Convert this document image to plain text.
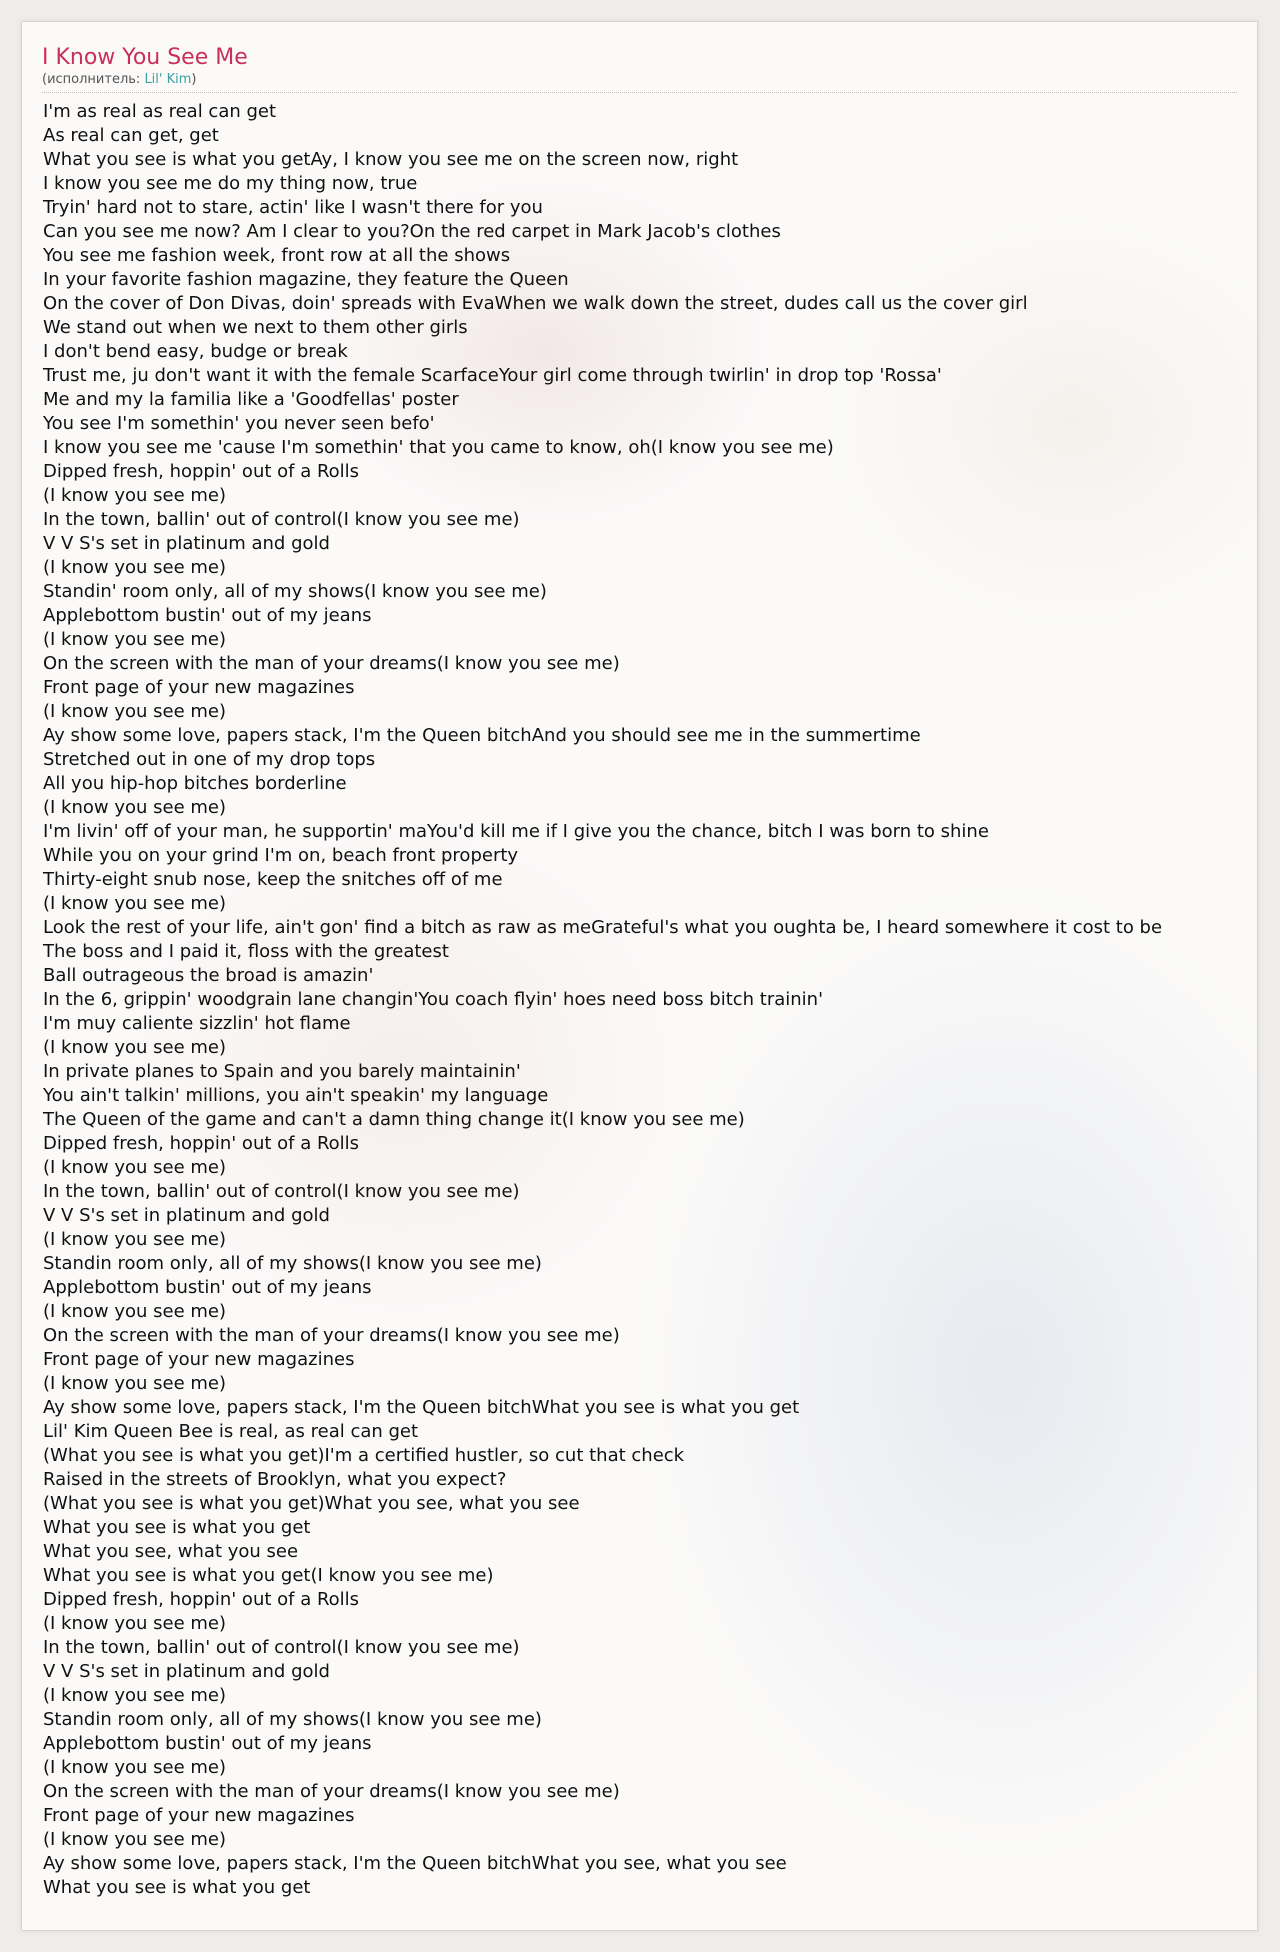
I Know You See Me
(исполнитель: Lil' Kim)
I'm as real as real can get
As real can get, get
What you see is what you getAy, I know you see me on the screen now, right
I know you see me do my thing now, true
Tryin' hard not to stare, actin' like I wasn't there for you
Can you see me now? Am I clear to you?On the red carpet in Mark Jacob's clothes
You see me fashion week, front row at all the shows
In your favorite fashion magazine, they feature the Queen
On the cover of Don Divas, doin' spreads with EvaWhen we walk down the street, dudes call us the cover girl
We stand out when we next to them other girls
I don't bend easy, budge or break
Trust me, ju don't want it with the female ScarfaceYour girl come through twirlin' in drop top 'Rossa'
Me and my la familia like a 'Goodfellas' poster
You see I'm somethin' you never seen befo'
I know you see me 'cause I'm somethin' that you came to know, oh(I know you see me)
Dipped fresh, hoppin' out of a Rolls
(I know you see me)
In the town, ballin' out of control(I know you see me)
V V S's set in platinum and gold
(I know you see me)
Standin' room only, all of my shows(I know you see me)
Applebottom bustin' out of my jeans
(I know you see me)
On the screen with the man of your dreams(I know you see me)
Front page of your new magazines
(I know you see me)
Ay show some love, papers stack, I'm the Queen bitchAnd you should see me in the summertime
Stretched out in one of my drop tops
All you hip-hop bitches borderline
(I know you see me)
I'm livin' off of your man, he supportin' maYou'd kill me if I give you the chance, bitch I was born to shine
While you on your grind I'm on, beach front property
Thirty-eight snub nose, keep the snitches off of me
(I know you see me)
Look the rest of your life, ain't gon' find a bitch as raw as meGrateful's what you oughta be, I heard somewhere it cost to be
The boss and I paid it, floss with the greatest
Ball outrageous the broad is amazin'
In the 6, grippin' woodgrain lane changin'You coach flyin' hoes need boss bitch trainin'
I'm muy caliente sizzlin' hot flame
(I know you see me)
In private planes to Spain and you barely maintainin'
You ain't talkin' millions, you ain't speakin' my language
The Queen of the game and can't a damn thing change it(I know you see me)
Dipped fresh, hoppin' out of a Rolls
(I know you see me)
In the town, ballin' out of control(I know you see me)
V V S's set in platinum and gold
(I know you see me)
Standin room only, all of my shows(I know you see me)
Applebottom bustin' out of my jeans
(I know you see me)
On the screen with the man of your dreams(I know you see me)
Front page of your new magazines
(I know you see me)
Ay show some love, papers stack, I'm the Queen bitchWhat you see is what you get
Lil' Kim Queen Bee is real, as real can get
(What you see is what you get)I'm a certified hustler, so cut that check
Raised in the streets of Brooklyn, what you expect?
(What you see is what you get)What you see, what you see
What you see is what you get
What you see, what you see
What you see is what you get(I know you see me)
Dipped fresh, hoppin' out of a Rolls
(I know you see me)
In the town, ballin' out of control(I know you see me)
V V S's set in platinum and gold
(I know you see me)
Standin room only, all of my shows(I know you see me)
Applebottom bustin' out of my jeans
(I know you see me)
On the screen with the man of your dreams(I know you see me)
Front page of your new magazines
(I know you see me)
Ay show some love, papers stack, I'm the Queen bitchWhat you see, what you see
What you see is what you get
